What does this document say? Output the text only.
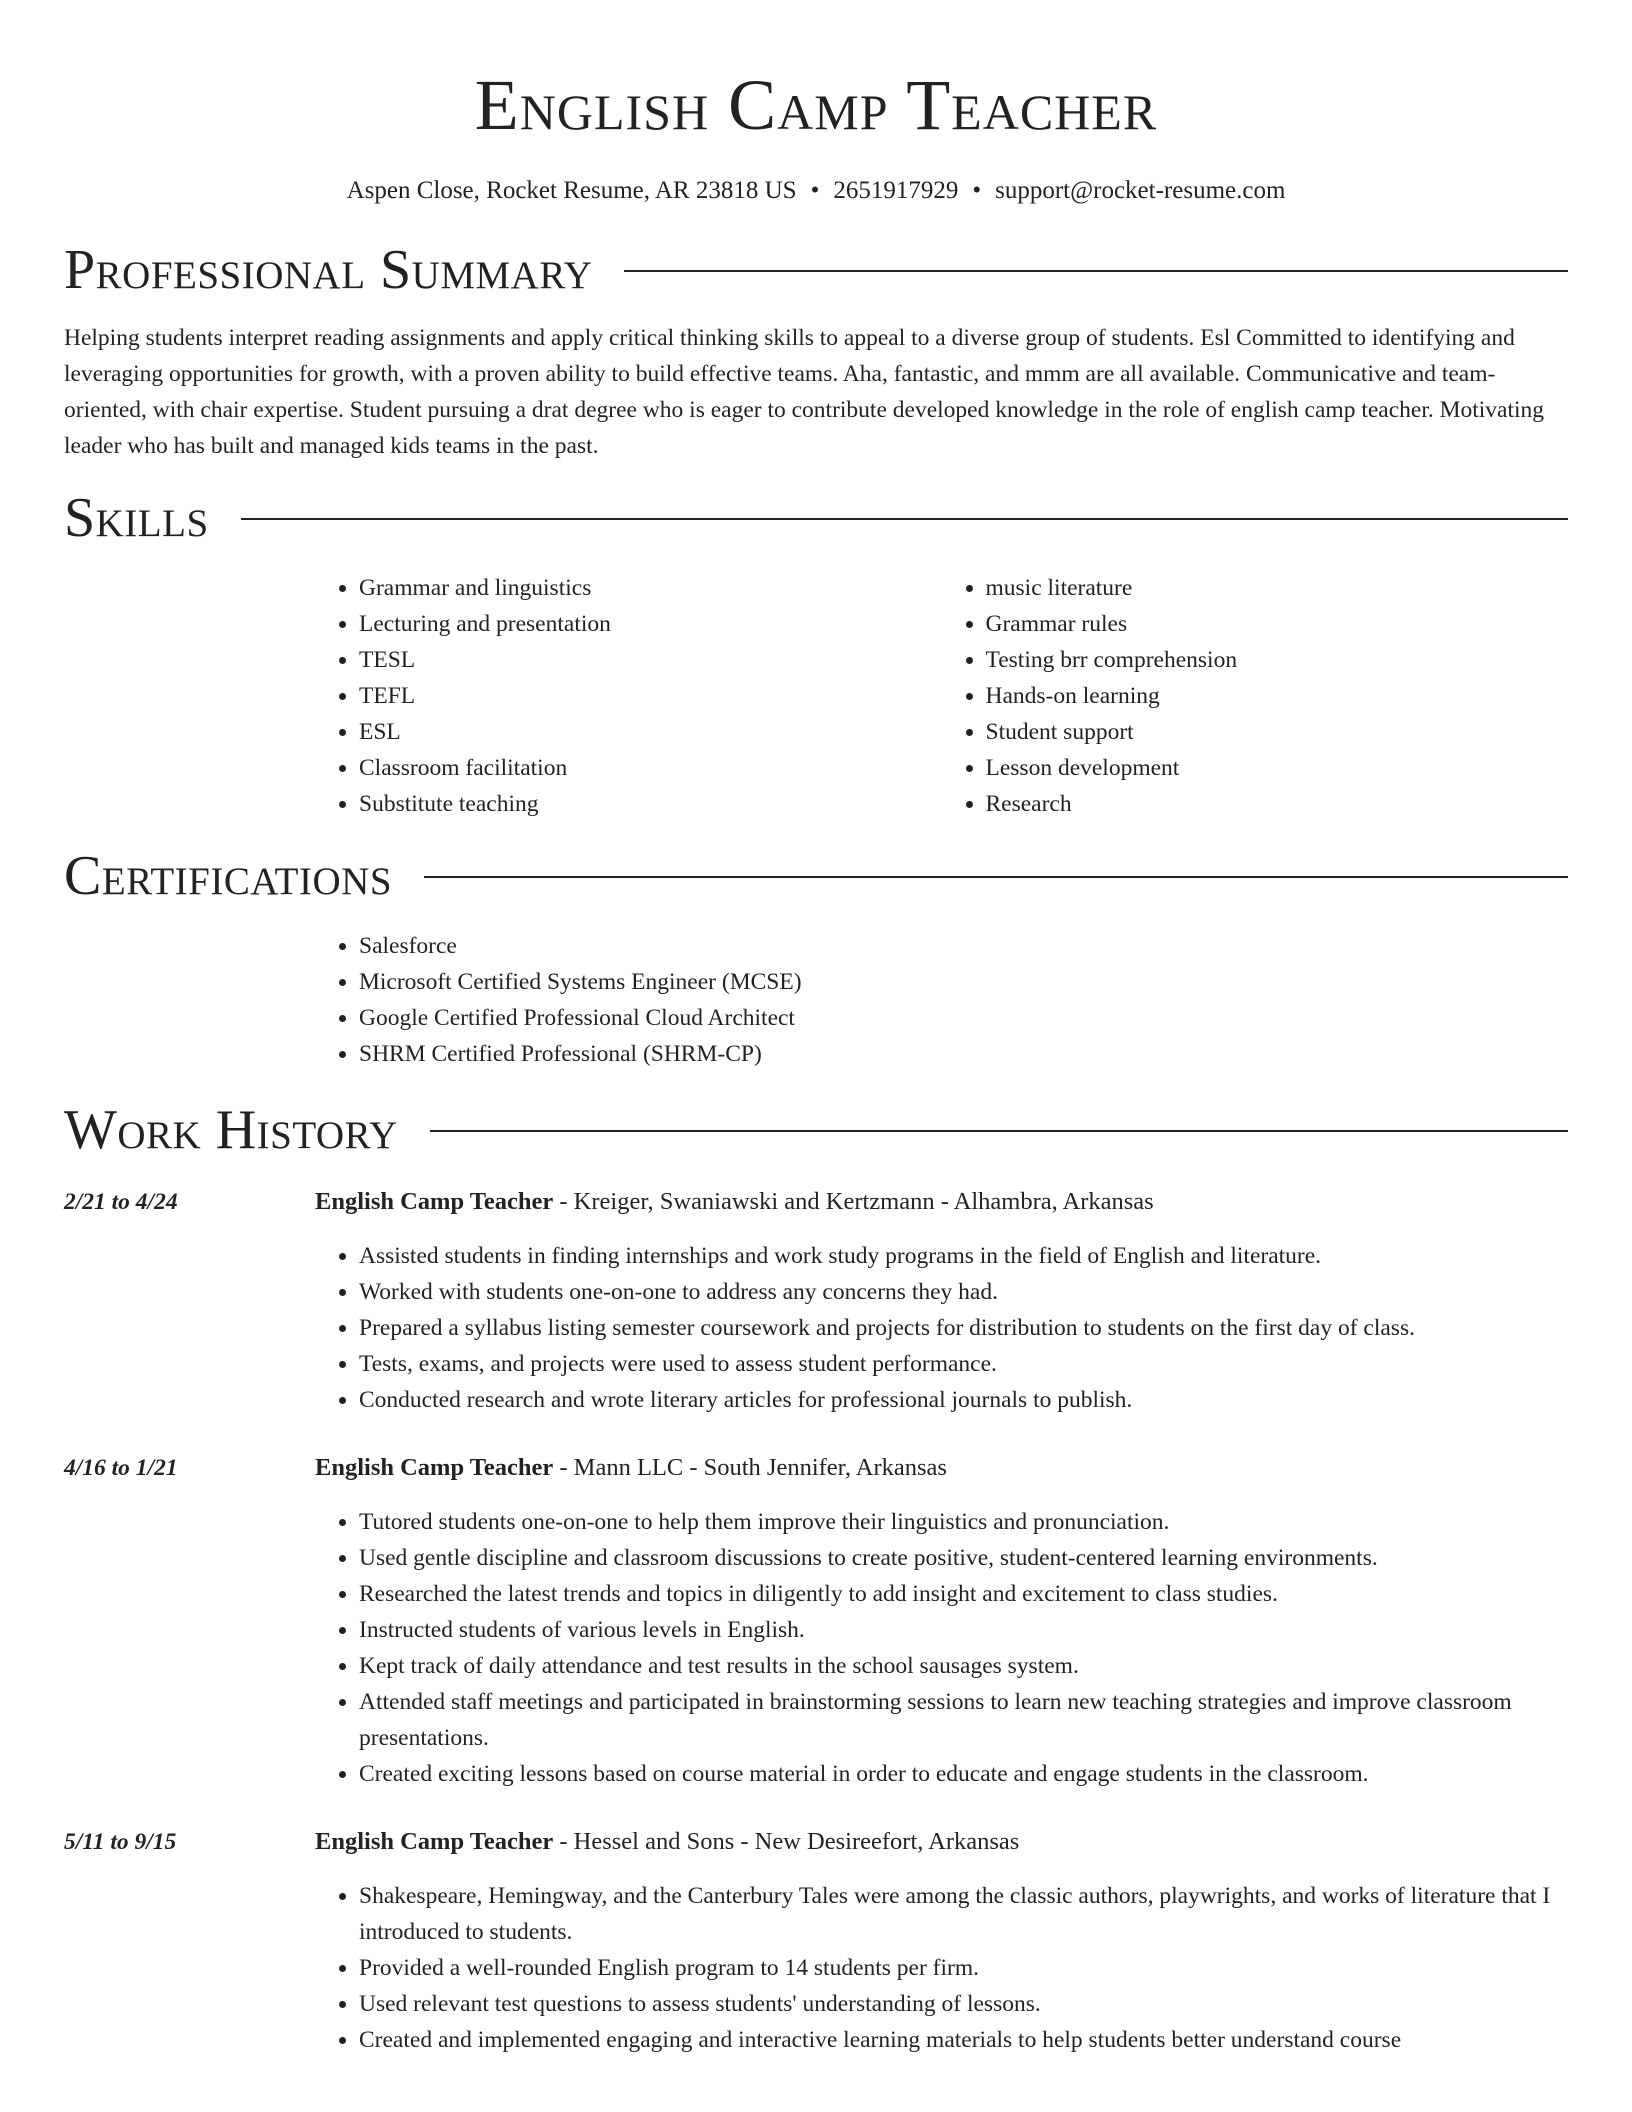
English Camp Teacher
Aspen Close, Rocket Resume, AR 23818 US • 2651917929 • support@rocket-resume.com
Professional Summary

Helping students interpret reading assignments and apply critical thinking skills to appeal to a diverse group of students. Esl Committed to identifying and leveraging opportunities for growth, with a proven ability to build effective teams. Aha, fantastic, and mmm are all available. Communicative and team-oriented, with chair expertise. Student pursuing a drat degree who is eager to contribute developed knowledge in the role of english camp teacher. Motivating leader who has built and managed kids teams in the past.

Skills
• Grammar and linguistics
• Lecturing and presentation
• TESL
• TEFL
• ESL
• Classroom facilitation
• Substitute teaching
• music literature
• Grammar rules
• Testing brr comprehension
• Hands-on learning
• Student support
• Lesson development
• Research
Certifications
• Salesforce
• Microsoft Certified Systems Engineer (MCSE)
• Google Certified Professional Cloud Architect
• SHRM Certified Professional (SHRM-CP)
Work History
2/21 to 4/24	English Camp Teacher - Kreiger, Swaniawski and Kertzmann - Alhambra, Arkansas
• Assisted students in finding internships and work study programs in the field of English and literature.
• Worked with students one-on-one to address any concerns they had.
• Prepared a syllabus listing semester coursework and projects for distribution to students on the first day of class.
• Tests, exams, and projects were used to assess student performance.
• Conducted research and wrote literary articles for professional journals to publish.
4/16 to 1/21	English Camp Teacher - Mann LLC - South Jennifer, Arkansas
• Tutored students one-on-one to help them improve their linguistics and pronunciation.
• Used gentle discipline and classroom discussions to create positive, student-centered learning environments.
• Researched the latest trends and topics in diligently to add insight and excitement to class studies.
• Instructed students of various levels in English.
• Kept track of daily attendance and test results in the school sausages system.
• Attended staff meetings and participated in brainstorming sessions to learn new teaching strategies and improve classroom presentations.
• Created exciting lessons based on course material in order to educate and engage students in the classroom.
5/11 to 9/15	English Camp Teacher - Hessel and Sons - New Desireefort, Arkansas
• Shakespeare, Hemingway, and the Canterbury Tales were among the classic authors, playwrights, and works of literature that I introduced to students.
• Provided a well-rounded English program to 14 students per firm.
• Used relevant test questions to assess students' understanding of lessons.
• Created and implemented engaging and interactive learning materials to help students better understand course
